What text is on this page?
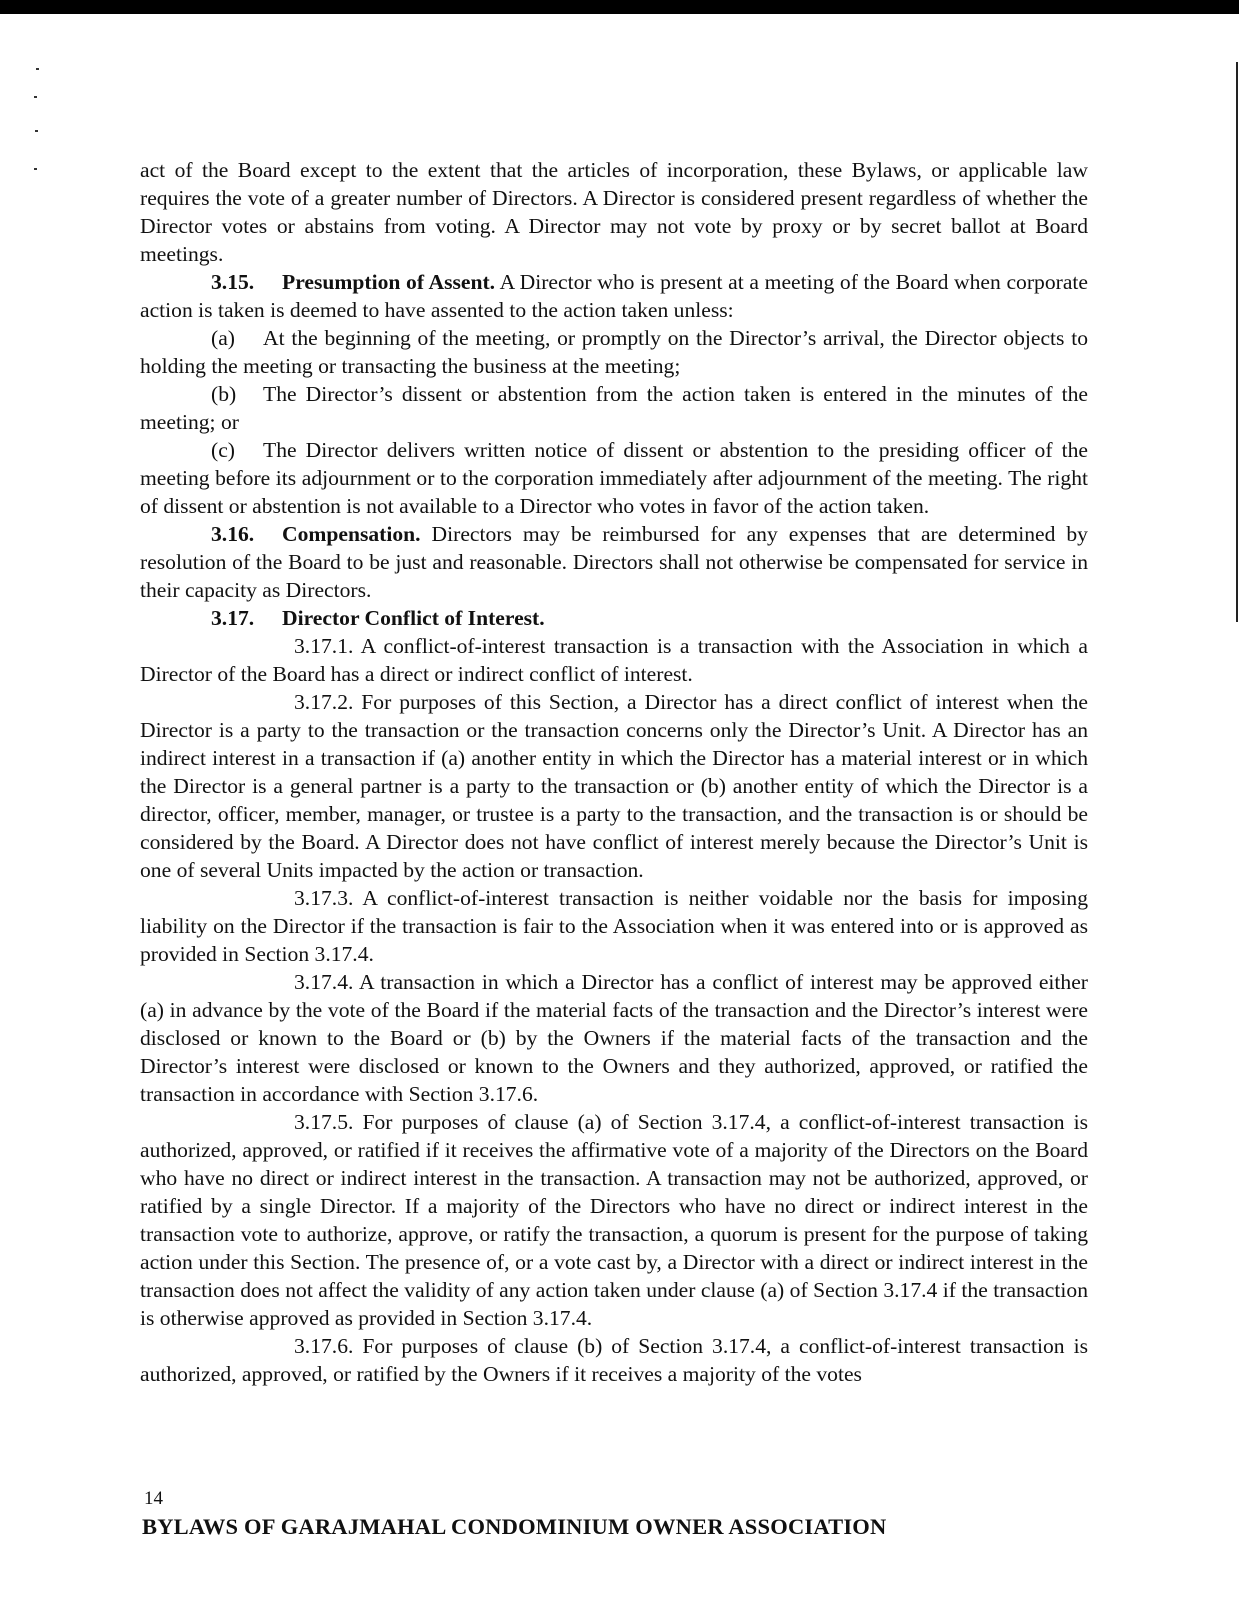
act of the Board except to the extent that the articles of incorporation, these Bylaws, or applicable law requires the vote of a greater number of Directors. A Director is considered present regardless of whether the Director votes or abstains from voting. A Director may not vote by proxy or by secret ballot at Board meetings.

3.15. Presumption of Assent. A Director who is present at a meeting of the Board when corporate action is taken is deemed to have assented to the action taken unless:

(a) At the beginning of the meeting, or promptly on the Director’s arrival, the Director objects to holding the meeting or transacting the business at the meeting;

(b) The Director’s dissent or abstention from the action taken is entered in the minutes of the meeting; or

(c) The Director delivers written notice of dissent or abstention to the presiding officer of the meeting before its adjournment or to the corporation immediately after adjournment of the meeting. The right of dissent or abstention is not available to a Director who votes in favor of the action taken.

3.16. Compensation. Directors may be reimbursed for any expenses that are determined by resolution of the Board to be just and reasonable. Directors shall not otherwise be compensated for service in their capacity as Directors.

3.17. Director Conflict of Interest.

3.17.1. A conflict-of-interest transaction is a transaction with the Association in which a Director of the Board has a direct or indirect conflict of interest.

3.17.2. For purposes of this Section, a Director has a direct conflict of interest when the Director is a party to the transaction or the transaction concerns only the Director’s Unit. A Director has an indirect interest in a transaction if (a) another entity in which the Director has a material interest or in which the Director is a general partner is a party to the transaction or (b) another entity of which the Director is a director, officer, member, manager, or trustee is a party to the transaction, and the transaction is or should be considered by the Board. A Director does not have conflict of interest merely because the Director’s Unit is one of several Units impacted by the action or transaction.

3.17.3. A conflict-of-interest transaction is neither voidable nor the basis for imposing liability on the Director if the transaction is fair to the Association when it was entered into or is approved as provided in Section 3.17.4.

3.17.4. A transaction in which a Director has a conflict of interest may be approved either (a) in advance by the vote of the Board if the material facts of the transaction and the Director’s interest were disclosed or known to the Board or (b) by the Owners if the material facts of the transaction and the Director’s interest were disclosed or known to the Owners and they authorized, approved, or ratified the transaction in accordance with Section 3.17.6.

3.17.5. For purposes of clause (a) of Section 3.17.4, a conflict-of-interest transaction is authorized, approved, or ratified if it receives the affirmative vote of a majority of the Directors on the Board who have no direct or indirect interest in the transaction. A transaction may not be authorized, approved, or ratified by a single Director. If a majority of the Directors who have no direct or indirect interest in the transaction vote to authorize, approve, or ratify the transaction, a quorum is present for the purpose of taking action under this Section. The presence of, or a vote cast by, a Director with a direct or indirect interest in the transaction does not affect the validity of any action taken under clause (a) of Section 3.17.4 if the transaction is otherwise approved as provided in Section 3.17.4.

3.17.6. For purposes of clause (b) of Section 3.17.4, a conflict-of-interest transaction is authorized, approved, or ratified by the Owners if it receives a majority of the votes

14
BYLAWS OF GARAJMAHAL CONDOMINIUM OWNER ASSOCIATION
